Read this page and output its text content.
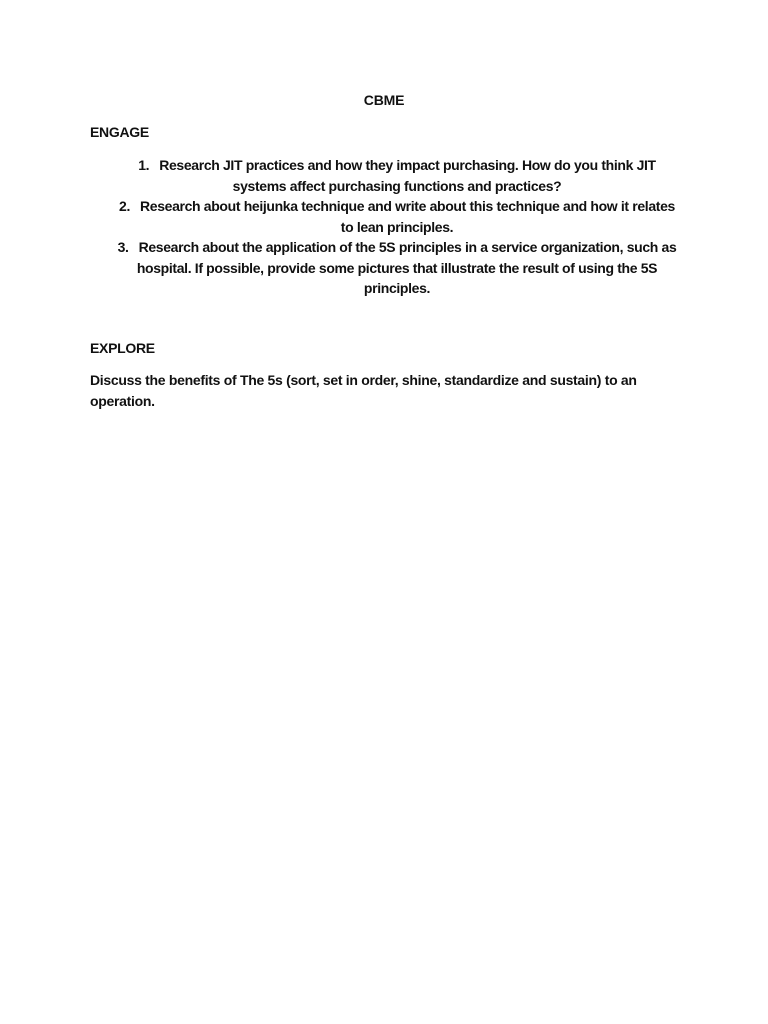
CBME
ENGAGE
1. Research JIT practices and how they impact purchasing. How do you think JIT systems affect purchasing functions and practices?
2. Research about heijunka technique and write about this technique and how it relates to lean principles.
3. Research about the application of the 5S principles in a service organization, such as hospital. If possible, provide some pictures that illustrate the result of using the 5S principles.
EXPLORE
Discuss the benefits of The 5s (sort, set in order, shine, standardize and sustain) to an operation.
